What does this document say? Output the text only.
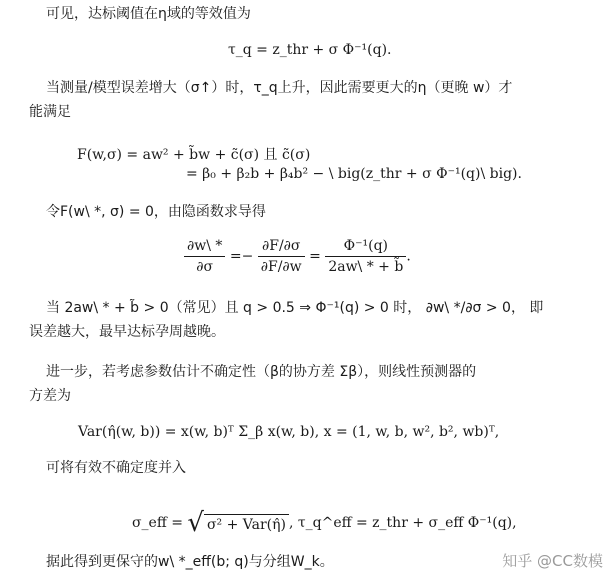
可见，达标阈值在η域的等效值为
τ_q = z_thr + σ Φ⁻¹(q).
当测量/模型误差增大（σ↑）时，τ_q上升，因此需要更大的η（更晚 w）才
能满足
F(w,σ) = aw² + b̃w + c̃(σ) 且 c̃(σ)
= β₀ + β₂b + β₄b² − \ big(z_thr + σ Φ⁻¹(q)\ big).
令F(w\ *, σ) = 0，由隐函数求导得
$\frac{\partial w\backslash *}{\partial\sigma} =- \frac{\partial F/\partial\sigma}{\partial F/\partial w} = \frac{\text{Φ⁻¹(q)}}{2aw\backslash * + b̃}$ .
当 2aw\ * + b̃ > 0（常见）且 q > 0.5 ⇒ Φ⁻¹(q) > 0 时， ∂w\ */∂σ > 0， 即
误差越大，最早达标孕周越晚。
进一步，若考虑参数估计不确定性（β的协方差 Σβ），则线性预测器的
方差为
Var(η̂(w, b)) = x(w, b)ᵀ Σ_β x(w, b), x = (1, w, b, w², b², wb)ᵀ,
可将有效不确定度并入
σ_eff = √ σ² + Var(η̂) , τ_q^eff = z_thr + σ_eff Φ⁻¹(q),
据此得到更保守的w\ *_eff(b; q)与分组W_k。	知乎 @CC数模
